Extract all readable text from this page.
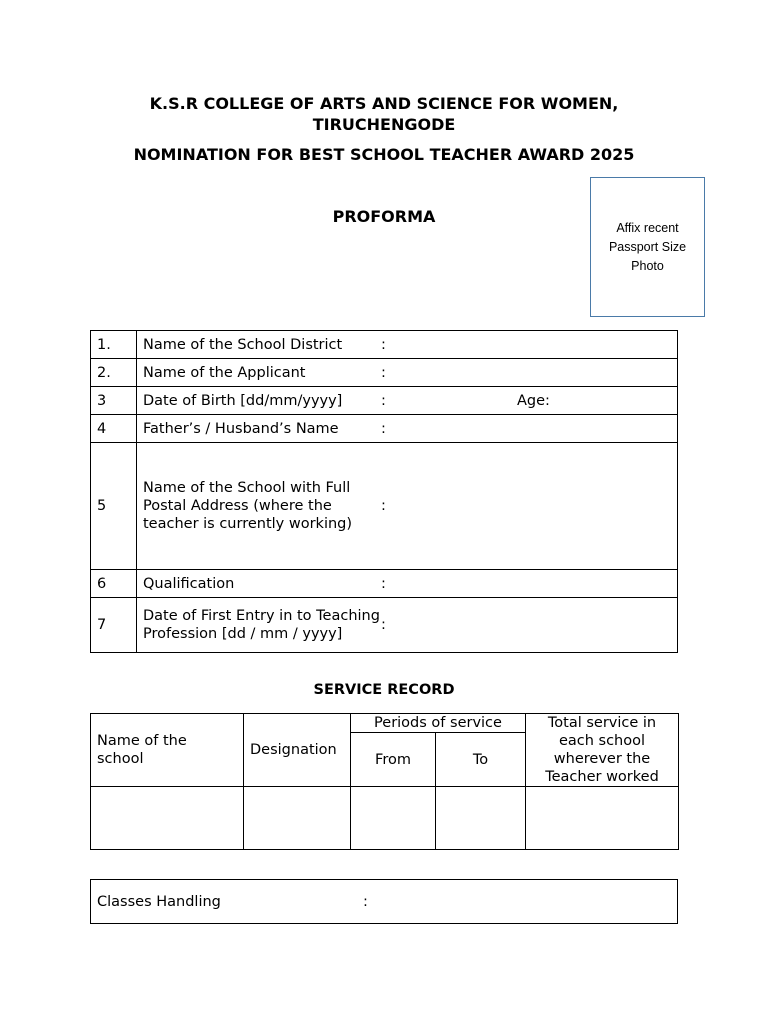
K.S.R COLLEGE OF ARTS AND SCIENCE FOR WOMEN,
TIRUCHENGODE
NOMINATION FOR BEST SCHOOL TEACHER AWARD 2025
PROFORMA
Affix recent
Passport Size
Photo
1.	Name of the School District :
2.	Name of the Applicant :
3	Date of Birth [dd/mm/yyyy] : Age:
4	Father’s / Husband’s Name :
5	Name of the School with Full Postal Address (where the teacher is currently working):
6	Qualification :
7	Date of First Entry in to Teaching Profession [dd / mm / yyyy]:
SERVICE RECORD
Name of the school	Designation	Periods of service		Total service in each school wherever the Teacher worked
		From	To	

Classes Handling	:
